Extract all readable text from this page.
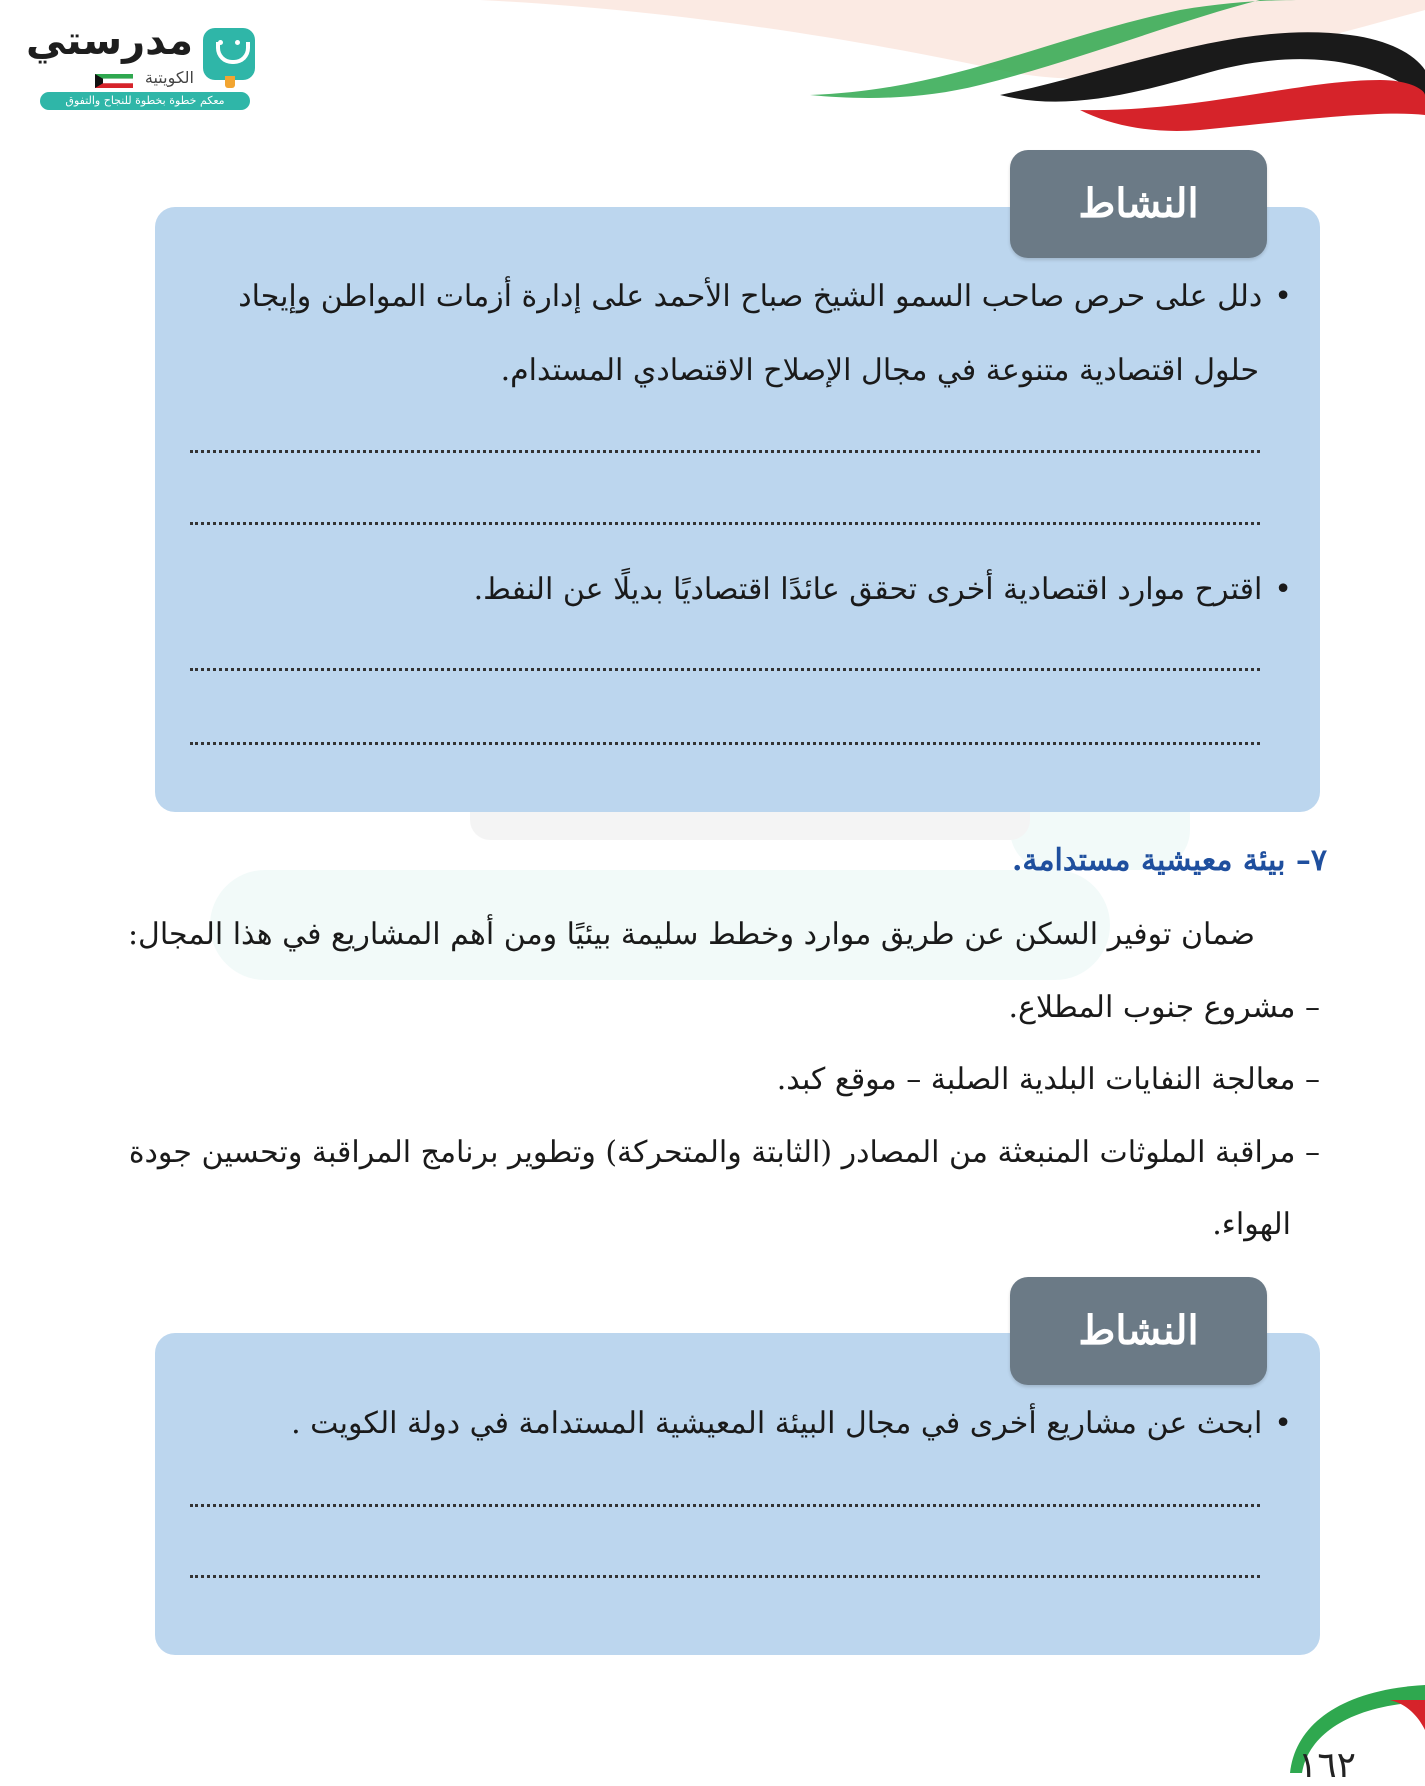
مدرستي
الكويتية
معكم خطوة بخطوة للنجاح والتفوق
النشاط
• دلل على حرص صاحب السمو الشيخ صباح الأحمد على إدارة أزمات المواطن وإيجاد
حلول اقتصادية متنوعة في مجال الإصلاح الاقتصادي المستدام.
• اقترح موارد اقتصادية أخرى تحقق عائدًا اقتصاديًا بديلًا عن النفط.
٧– بيئة معيشية مستدامة.
ضمان توفير السكن عن طريق موارد وخطط سليمة بيئيًا ومن أهم المشاريع في هذا المجال:
– مشروع جنوب المطلاع.
– معالجة النفايات البلدية الصلبة – موقع كبد.
– مراقبة الملوثات المنبعثة من المصادر (الثابتة والمتحركة) وتطوير برنامج المراقبة وتحسين جودة
الهواء.
النشاط
• ابحث عن مشاريع أخرى في مجال البيئة المعيشية المستدامة في دولة الكويت .
١٦٢
